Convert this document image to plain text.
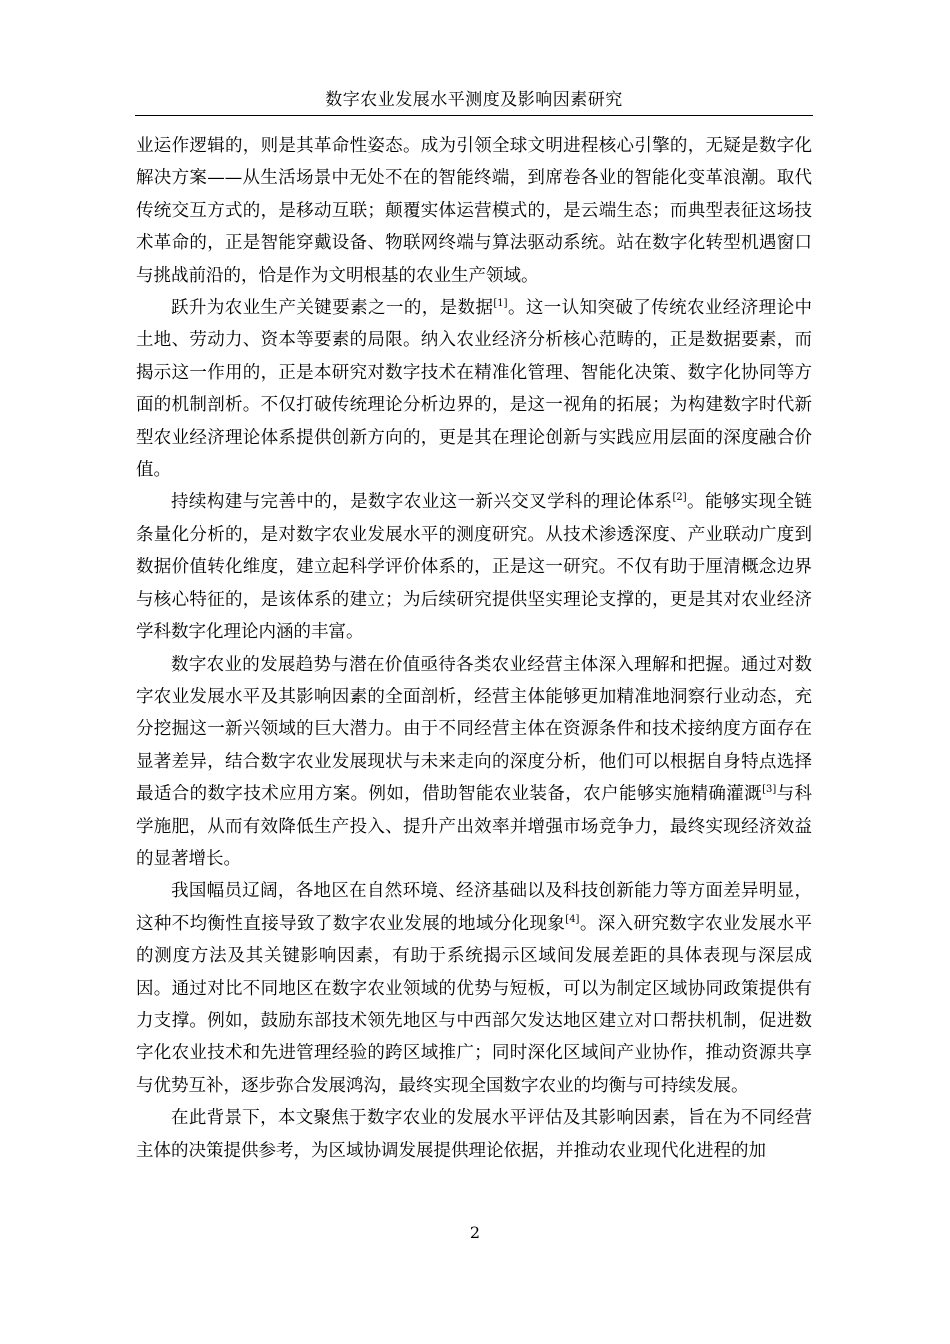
数字农业发展水平测度及影响因素研究

业运作逻辑的，则是其革命性姿态。成为引领全球文明进程核心引擎的，无疑是数字化解决方案——从生活场景中无处不在的智能终端，到席卷各业的智能化变革浪潮。取代传统交互方式的，是移动互联；颠覆实体运营模式的，是云端生态；而典型表征这场技术革命的，正是智能穿戴设备、物联网终端与算法驱动系统。站在数字化转型机遇窗口与挑战前沿的，恰是作为文明根基的农业生产领域。

跃升为农业生产关键要素之一的，是数据[1]。这一认知突破了传统农业经济理论中土地、劳动力、资本等要素的局限。纳入农业经济分析核心范畴的，正是数据要素，而揭示这一作用的，正是本研究对数字技术在精准化管理、智能化决策、数字化协同等方面的机制剖析。不仅打破传统理论分析边界的，是这一视角的拓展；为构建数字时代新型农业经济理论体系提供创新方向的，更是其在理论创新与实践应用层面的深度融合价值。

持续构建与完善中的，是数字农业这一新兴交叉学科的理论体系[2]。能够实现全链条量化分析的，是对数字农业发展水平的测度研究。从技术渗透深度、产业联动广度到数据价值转化维度，建立起科学评价体系的，正是这一研究。不仅有助于厘清概念边界与核心特征的，是该体系的建立；为后续研究提供坚实理论支撑的，更是其对农业经济学科数字化理论内涵的丰富。

数字农业的发展趋势与潜在价值亟待各类农业经营主体深入理解和把握。通过对数字农业发展水平及其影响因素的全面剖析，经营主体能够更加精准地洞察行业动态，充分挖掘这一新兴领域的巨大潜力。由于不同经营主体在资源条件和技术接纳度方面存在显著差异，结合数字农业发展现状与未来走向的深度分析，他们可以根据自身特点选择最适合的数字技术应用方案。例如，借助智能农业装备，农户能够实施精确灌溉[3]与科学施肥，从而有效降低生产投入、提升产出效率并增强市场竞争力，最终实现经济效益的显著增长。

我国幅员辽阔，各地区在自然环境、经济基础以及科技创新能力等方面差异明显，这种不均衡性直接导致了数字农业发展的地域分化现象[4]。深入研究数字农业发展水平的测度方法及其关键影响因素，有助于系统揭示区域间发展差距的具体表现与深层成因。通过对比不同地区在数字农业领域的优势与短板，可以为制定区域协同政策提供有力支撑。例如，鼓励东部技术领先地区与中西部欠发达地区建立对口帮扶机制，促进数字化农业技术和先进管理经验的跨区域推广；同时深化区域间产业协作，推动资源共享与优势互补，逐步弥合发展鸿沟，最终实现全国数字农业的均衡与可持续发展。

在此背景下，本文聚焦于数字农业的发展水平评估及其影响因素，旨在为不同经营主体的决策提供参考，为区域协调发展提供理论依据，并推动农业现代化进程的加

2
